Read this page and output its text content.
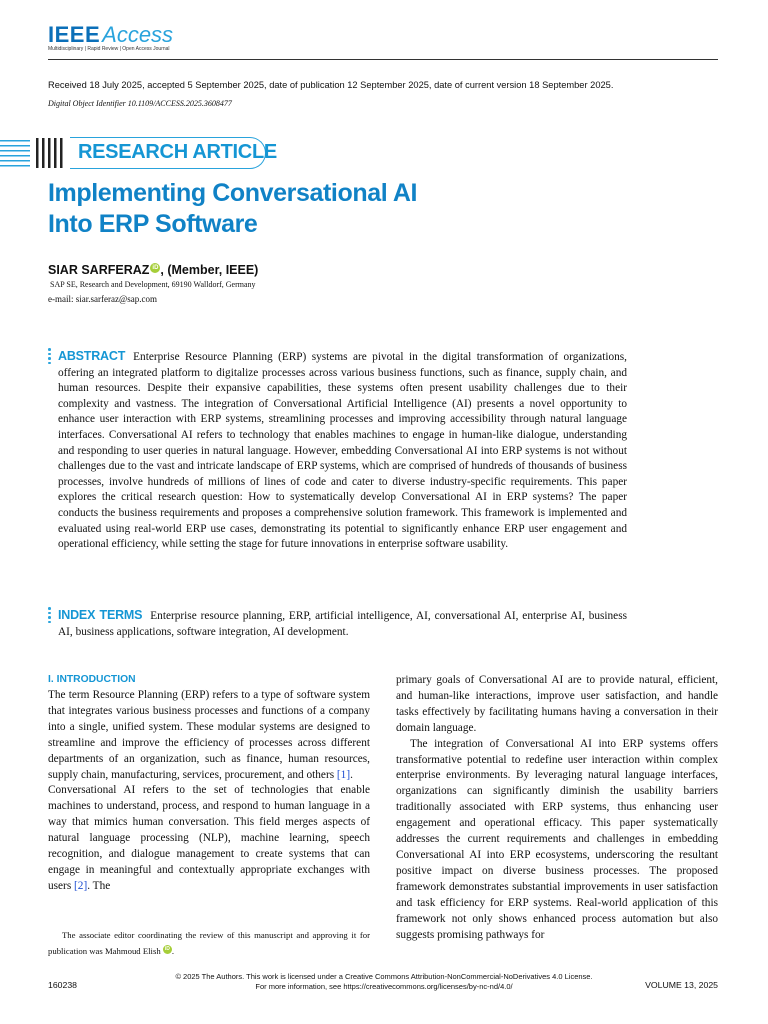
IEEEAccess
Multidisciplinary | Rapid Review | Open Access Journal
Received 18 July 2025, accepted 5 September 2025, date of publication 12 September 2025, date of current version 18 September 2025.
Digital Object Identifier 10.1109/ACCESS.2025.3608477
RESEARCH ARTICLE
Implementing Conversational AI
Into ERP Software
SIAR SARFERAZ iD , (Member, IEEE)
SAP SE, Research and Development, 69190 Walldorf, Germany
e-mail: siar.sarferaz@sap.com
ABSTRACT Enterprise Resource Planning (ERP) systems are pivotal in the digital transformation of organizations, offering an integrated platform to digitalize processes across various business functions, such as finance, supply chain, and human resources. Despite their expansive capabilities, these systems often present usability challenges due to their complexity and vastness. The integration of Conversational Artificial Intelligence (AI) presents a novel opportunity to enhance user interaction with ERP systems, streamlining processes and improving accessibility through natural language interfaces. Conversational AI refers to technology that enables machines to engage in human-like dialogue, understanding and responding to user queries in natural language. However, embedding Conversational AI into ERP systems is not without challenges due to the vast and intricate landscape of ERP systems, which are comprised of hundreds of thousands of business processes, involve hundreds of millions of lines of code and cater to diverse industry-specific requirements. This paper explores the critical research question: How to systematically develop Conversational AI in ERP systems? The paper conducts the business requirements and proposes a comprehensive solution framework. This framework is implemented and evaluated using real-world ERP use cases, demonstrating its potential to significantly enhance ERP user engagement and operational efficiency, while setting the stage for future innovations in enterprise software usability.
INDEX TERMS Enterprise resource planning, ERP, artificial intelligence, AI, conversational AI, enterprise AI, business AI, business applications, software integration, AI development.
I. INTRODUCTION

The term Resource Planning (ERP) refers to a type of software system that integrates various business processes and functions of a company into a single, unified system. These modular systems are designed to streamline and improve the efficiency of processes across different departments of an organization, such as finance, human resources, supply chain, manufacturing, services, procurement, and others [1].

Conversational AI refers to the set of technologies that enable machines to understand, process, and respond to human language in a way that mimics human conversation. This field merges aspects of natural language processing (NLP), machine learning, speech recognition, and dialogue management to create systems that can engage in meaningful and contextually appropriate exchanges with users [2]. The

primary goals of Conversational AI are to provide natural, efficient, and human-like interactions, improve user satisfaction, and handle tasks effectively by facilitating humans having a conversation in their domain language.

The integration of Conversational AI into ERP systems offers transformative potential to redefine user interaction within complex enterprise environments. By leveraging natural language interfaces, organizations can significantly diminish the usability barriers traditionally associated with ERP systems, thus enhancing user engagement and operational efficacy. This paper systematically addresses the current requirements and challenges in embedding Conversational AI into ERP ecosystems, underscoring the resultant positive impact on diverse business processes. The proposed framework demonstrates substantial improvements in user satisfaction and task efficiency for ERP systems. Real-world application of this framework not only shows enhanced process automation but also suggests promising pathways for

The associate editor coordinating the review of this manuscript and approving it for publication was Mahmoud Elish iD .
160238
© 2025 The Authors. This work is licensed under a Creative Commons Attribution-NonCommercial-NoDerivatives 4.0 License.
For more information, see https://creativecommons.org/licenses/by-nc-nd/4.0/	VOLUME 13, 2025
